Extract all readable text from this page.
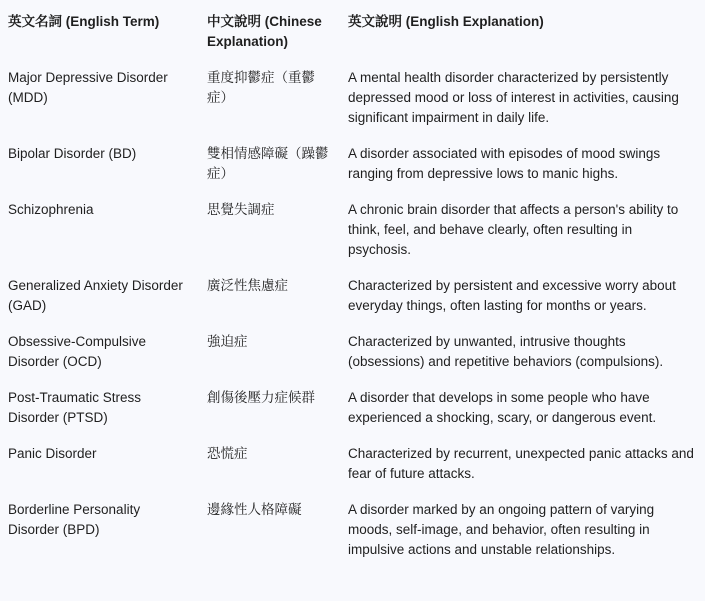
英文名詞 (English Term)	中文說明 (Chinese Explanation)	英文說明 (English Explanation)
Major Depressive Disorder (MDD)	重度抑鬱症（重鬱症）	A mental health disorder characterized by persistently depressed mood or loss of interest in activities, causing significant impairment in daily life.
Bipolar Disorder (BD)	雙相情感障礙（躁鬱症）	A disorder associated with episodes of mood swings ranging from depressive lows to manic highs.
Schizophrenia	思覺失調症	A chronic brain disorder that affects a person's ability to think, feel, and behave clearly, often resulting in psychosis.
Generalized Anxiety Disorder (GAD)	廣泛性焦慮症	Characterized by persistent and excessive worry about everyday things, often lasting for months or years.
Obsessive-Compulsive Disorder (OCD)	強迫症	Characterized by unwanted, intrusive thoughts (obsessions) and repetitive behaviors (compulsions).
Post-Traumatic Stress Disorder (PTSD)	創傷後壓力症候群	A disorder that develops in some people who have experienced a shocking, scary, or dangerous event.
Panic Disorder	恐慌症	Characterized by recurrent, unexpected panic attacks and fear of future attacks.
Borderline Personality Disorder (BPD)	邊緣性人格障礙	A disorder marked by an ongoing pattern of varying moods, self-image, and behavior, often resulting in impulsive actions and unstable relationships.
